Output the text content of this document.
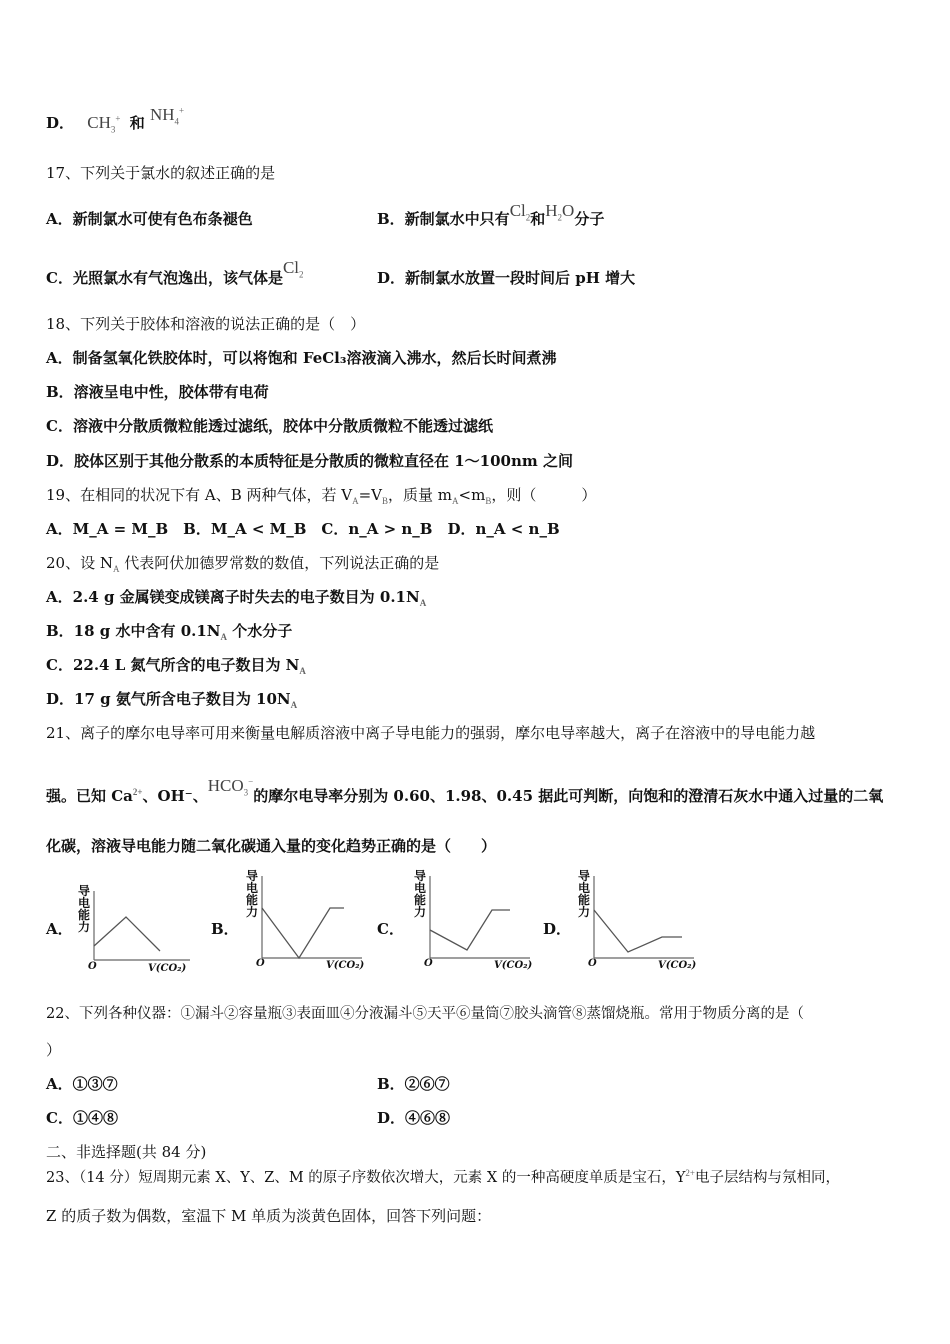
D． $CH_3^+$ 和 $NH_4^+$
17、下列关于氯水的叙述正确的是
A．新制氯水可使有色布条褪色	B．新制氯水中只有$Cl_2$和$H_2O$分子
C．光照氯水有气泡逸出，该气体是$Cl_2$	D．新制氯水放置一段时间后 pH 增大
18、下列关于胶体和溶液的说法正确的是（　）
A．制备氢氧化铁胶体时，可以将饱和 FeCl₃溶液滴入沸水，然后长时间煮沸
B．溶液呈电中性，胶体带有电荷
C．溶液中分散质微粒能透过滤纸，胶体中分散质微粒不能透过滤纸
D．胶体区别于其他分散系的本质特征是分散质的微粒直径在 1～100nm 之间
19、在相同的状况下有 A、B 两种气体，若 $V_A=V_B$，质量 $m_A<m_B$，则（　　　）
A．M_A = M_B　B．M_A < M_B　C．n_A > n_B　D．n_A < n_B
20、设 $N_A$ 代表阿伏加德罗常数的数值，下列说法正确的是
A．2.4 g 金属镁变成镁离子时失去的电子数目为 $0.1N_A$
B．18 g 水中含有 $0.1N_A$ 个水分子
C．22.4 L 氮气所含的电子数目为 $N_A$
D．17 g 氨气所含电子数目为 $10N_A$
21、离子的摩尔电导率可用来衡量电解质溶液中离子导电能力的强弱，摩尔电导率越大，离子在溶液中的导电能力越
强。已知 $Ca^{2+}$、OH⁻、$HCO_3^-$的摩尔电导率分别为 0.60、1.98、0.45 据此可判断，向饱和的澄清石灰水中通入过量的二氧
化碳，溶液导电能力随二氧化碳通入量的变化趋势正确的是（　　）
A．
导电能力
O	V(CO₂)
B．
导电能力
O	V(CO₂)
C．
导电能力
O	V(CO₂)
D．
导电能力
O	V(CO₂)
22、下列各种仪器：①漏斗②容量瓶③表面皿④分液漏斗⑤天平⑥量筒⑦胶头滴管⑧蒸馏烧瓶。常用于物质分离的是（
）
A．①③⑦	B．②⑥⑦
C．①④⑧	D．④⑥⑧
二、非选择题(共 84 分)
23、（14 分）短周期元素 X、Y、Z、M 的原子序数依次增大，元素 X 的一种高硬度单质是宝石，$Y^{2+}$电子层结构与氖相同，
Z 的质子数为偶数，室温下 M 单质为淡黄色固体，回答下列问题：
